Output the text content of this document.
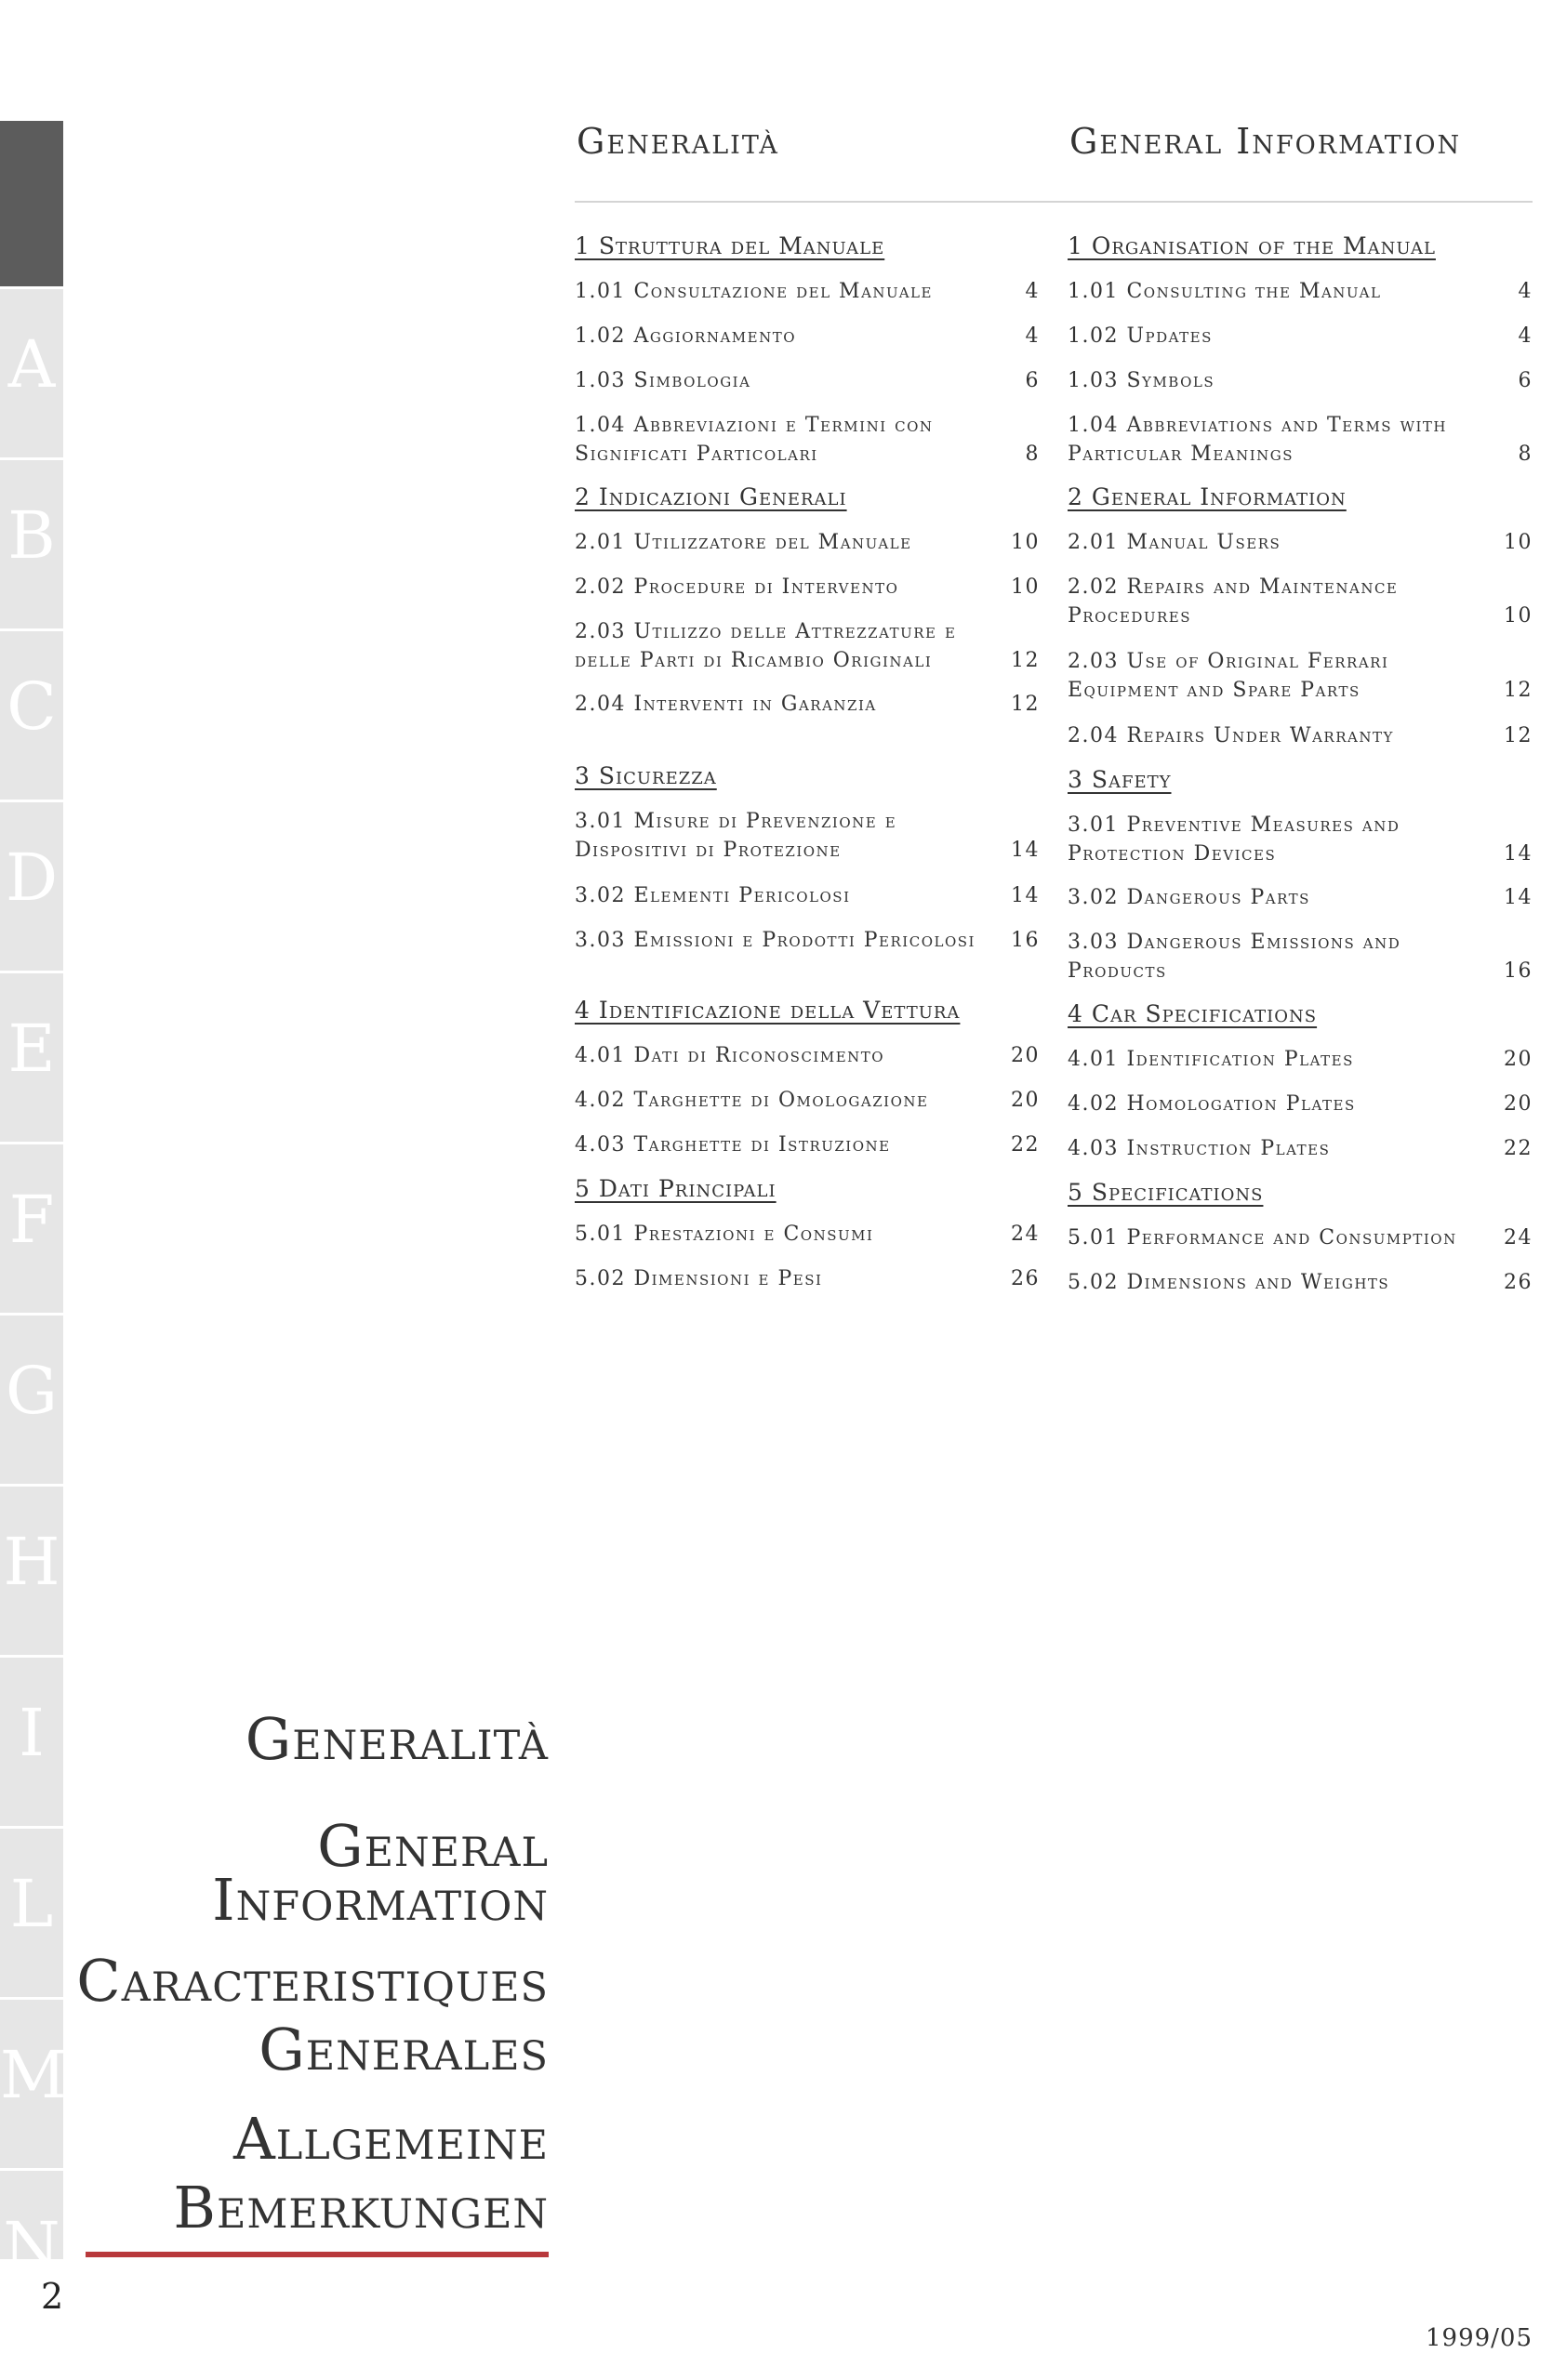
A
B
C
D
E
F
G
H
I
L
M
N
Generalità	General Information
1 Struttura del Manuale
1.01 Consultazione del Manuale	4
1.02 Aggiornamento	4
1.03 Simbologia	6
1.04 Abbreviazioni e Termini con Significati Particolari	8
2 Indicazioni Generali
2.01 Utilizzatore del Manuale	10
2.02 Procedure di Intervento	10
2.03 Utilizzo delle Attrezzature e delle Parti di Ricambio Originali	12
2.04 Interventi in Garanzia	12
3 Sicurezza
3.01 Misure di Prevenzione e Dispositivi di Protezione	14
3.02 Elementi Pericolosi	14
3.03 Emissioni e Prodotti Pericolosi	16
4 Identificazione della Vettura
4.01 Dati di Riconoscimento	20
4.02 Targhette di Omologazione	20
4.03 Targhette di Istruzione	22
5 Dati Principali
5.01 Prestazioni e Consumi	24
5.02 Dimensioni e Pesi	26
1 Organisation of the Manual
1.01 Consulting the Manual	4
1.02 Updates	4
1.03 Symbols	6
1.04 Abbreviations and Terms with Particular Meanings	8
2 General Information
2.01 Manual Users	10
2.02 Repairs and Maintenance Procedures	10
2.03 Use of Original Ferrari Equipment and Spare Parts	12
2.04 Repairs Under Warranty	12
3 Safety
3.01 Preventive Measures and Protection Devices	14
3.02 Dangerous Parts	14
3.03 Dangerous Emissions and Products	16
4 Car Specifications
4.01 Identification Plates	20
4.02 Homologation Plates	20
4.03 Instruction Plates	22
5 Specifications
5.01 Performance and Consumption	24
5.02 Dimensions and Weights	26
Generalità
General
Information
Caracteristiques
Generales
Allgemeine
Bemerkungen
2
1999/05
